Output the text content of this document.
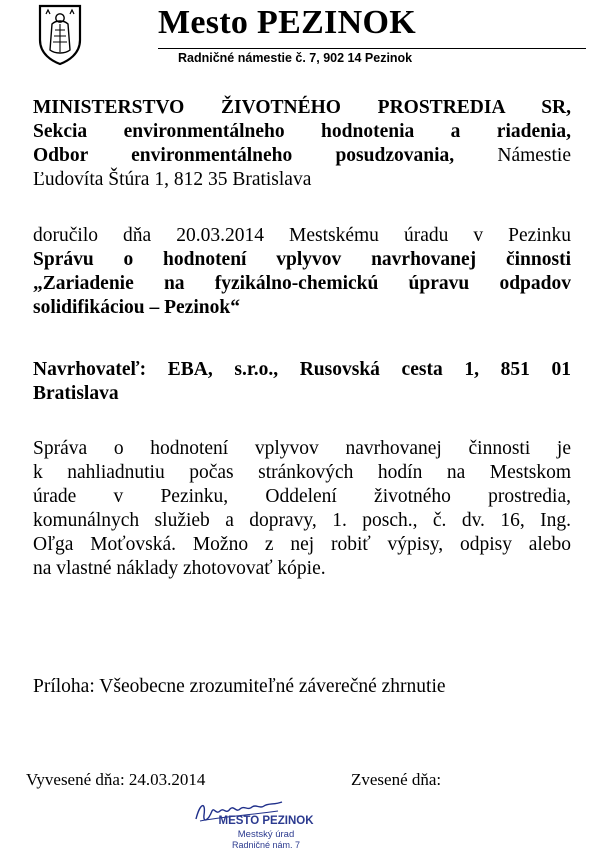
Mesto PEZINOK
Radničné námestie č. 7, 902 14 Pezinok
MINISTERSTVO ŽIVOTNÉHO PROSTREDIA SR,
Sekcia environmentálneho hodnotenia a riadenia,
Odbor environmentálneho posudzovania, Námestie
Ľudovíta Štúra 1, 812 35 Bratislava
doručilo dňa 20.03.2014 Mestskému úradu v Pezinku
Správu o hodnotení vplyvov navrhovanej činnosti
„Zariadenie na fyzikálno-chemickú úpravu odpadov
solidifikáciou – Pezinok“
Navrhovateľ: EBA, s.r.o., Rusovská cesta 1, 851 01
Bratislava
Správa o hodnotení vplyvov navrhovanej činnosti je
k nahliadnutiu počas stránkových hodín na Mestskom
úrade v Pezinku, Oddelení životného prostredia,
komunálnych služieb a dopravy, 1. posch., č. dv. 16, Ing.
Oľga Moťovská. Možno z nej robiť výpisy, odpisy alebo
na vlastné náklady zhotovovať kópie.
Príloha: Všeobecne zrozumiteľné záverečné zhrnutie
Vyvesené dňa: 24.03.2014	Zvesené dňa:
MESTO PEZINOK
Mestský úrad
Radničné nám. 7
